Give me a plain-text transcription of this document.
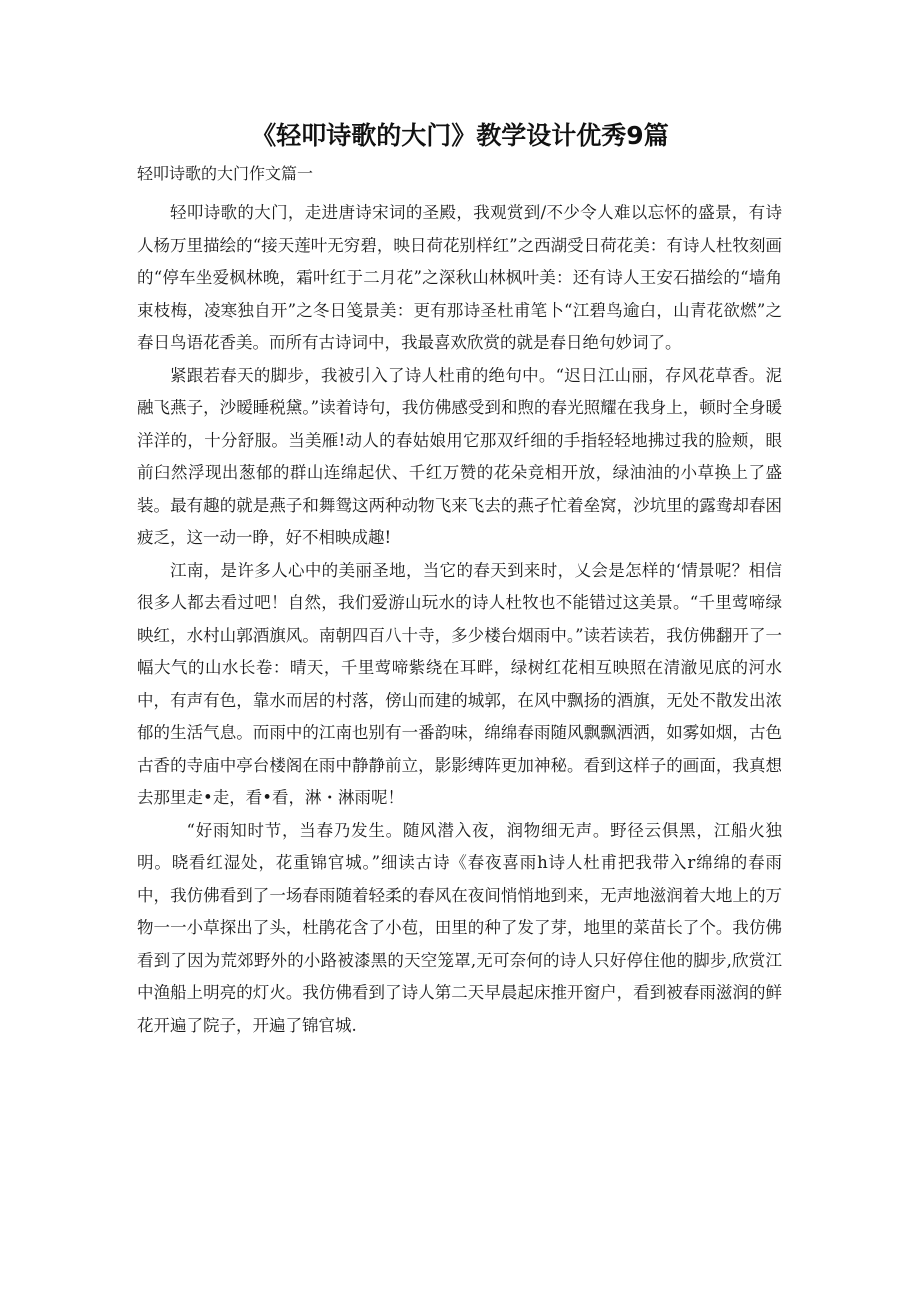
《轻叩诗歌的大门》教学设计优秀9篇
轻叩诗歌的大门作文篇一

轻叩诗歌的大门，走进唐诗宋词的圣殿，我观赏到/不少令人难以忘怀的盛景，有诗人杨万里描绘的“接天莲叶无穷碧，映日荷花别样红”之西湖受日荷花美：有诗人杜牧刻画的“停车坐爱枫林晚，霜叶红于二月花”之深秋山林枫叶美：还有诗人王安石描绘的“墙角束枝梅，凌寒独自开”之冬日笺景美：更有那诗圣杜甫笔卜“江碧鸟逾白，山青花欲燃”之春日鸟语花香美。而所有古诗词中，我最喜欢欣赏的就是春日绝句妙词了。

紧跟若春天的脚步，我被引入了诗人杜甫的绝句中。“迟日江山丽，存风花草香。泥融飞燕子，沙暧睡税黛。”读着诗句，我仿佛感受到和煦的春光照耀在我身上，顿时全身暖洋洋的，十分舒服。当美雁!动人的春姑娘用它那双纤细的手指轻轻地拂过我的脸颊，眼前臼然浮现出葱郁的群山连绵起伏、千红万赞的花朵竞相开放，绿油油的小草换上了盛装。最有趣的就是燕子和舞鸳这两种动物飞来飞去的燕孑忙着垒窝，沙坑里的露鸯却春困疲乏，这一动一睁，好不相映成趣!

江南，是许多人心中的美丽圣地，当它的春天到来时，乂会是怎样的‘情景呢？相信很多人都去看过吧！自然，我们爱游山玩水的诗人杜牧也不能错过这美景。“千里莺啼绿映红，水村山郭酒旗风。南朝四百八十寺，多少楼台烟雨中。”读若读若，我仿佛翻开了一幅大气的山水长卷：晴天，千里莺啼紫绕在耳畔，绿树红花相互映照在清澈见底的河水中，有声有色，靠水而居的村落，傍山而建的城郭，在风中飘扬的酒旗，无处不散发出浓郁的生活气息。而雨中的江南也别有一番韵味，绵绵春雨随风飘飘洒洒，如雾如烟，古色古香的寺庙中亭台楼阁在雨中静静前立，影影缚阵更加神秘。看到这样子的画面，我真想去那里走•走，看•看，淋・淋雨呢！

“好雨知时节，当春乃发生。随风潜入夜，润物细无声。野径云俱黑，江船火独明。晓看红湿处，花重锦官城。”细读古诗《春夜喜雨h诗人杜甫把我带入r绵绵的春雨中，我仿佛看到了一场春雨随着轻柔的春风在夜间悄悄地到来，无声地滋润着大地上的万物一一小草探出了头，杜鹃花含了小苞，田里的种了发了芽，地里的菜苗长了个。我仿佛看到了因为荒郊野外的小路被漆黑的天空笼罩,无可奈何的诗人只好停住他的脚步,欣赏江中渔船上明亮的灯火。我仿佛看到了诗人第二天早晨起床推开窗户，看到被春雨滋润的鲜花开遍了院子，开遍了锦官城.
